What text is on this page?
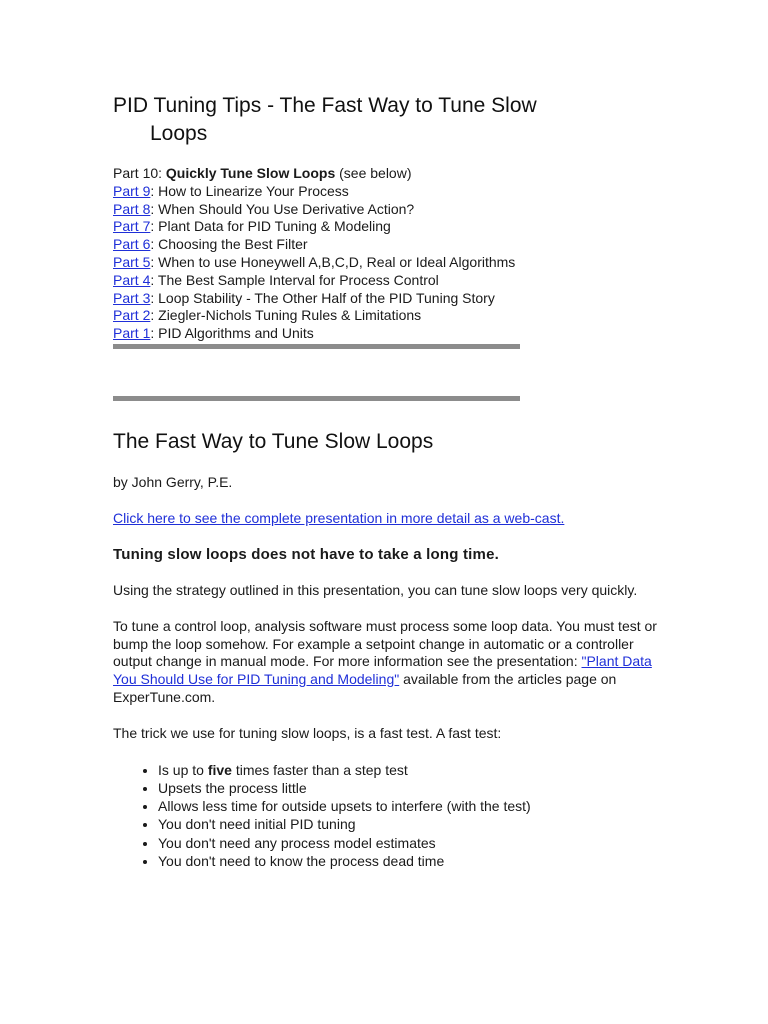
PID Tuning Tips - The Fast Way to Tune Slow
Loops
Part 10: Quickly Tune Slow Loops (see below)
Part 9: How to Linearize Your Process
Part 8: When Should You Use Derivative Action?
Part 7: Plant Data for PID Tuning & Modeling
Part 6: Choosing the Best Filter
Part 5: When to use Honeywell A,B,C,D, Real or Ideal Algorithms
Part 4: The Best Sample Interval for Process Control
Part 3: Loop Stability - The Other Half of the PID Tuning Story
Part 2: Ziegler-Nichols Tuning Rules & Limitations
Part 1: PID Algorithms and Units
The Fast Way to Tune Slow Loops
by John Gerry, P.E.
Click here to see the complete presentation in more detail as a web-cast.
Tuning slow loops does not have to take a long time.
Using the strategy outlined in this presentation, you can tune slow loops very quickly.
To tune a control loop, analysis software must process some loop data. You must test or bump the loop somehow. For example a setpoint change in automatic or a controller output change in manual mode. For more information see the presentation: "Plant Data You Should Use for PID Tuning and Modeling" available from the articles page on ExperTune.com.
The trick we use for tuning slow loops, is a fast test. A fast test:
• Is up to five times faster than a step test
• Upsets the process little
• Allows less time for outside upsets to interfere (with the test)
• You don't need initial PID tuning
• You don't need any process model estimates
• You don't need to know the process dead time
